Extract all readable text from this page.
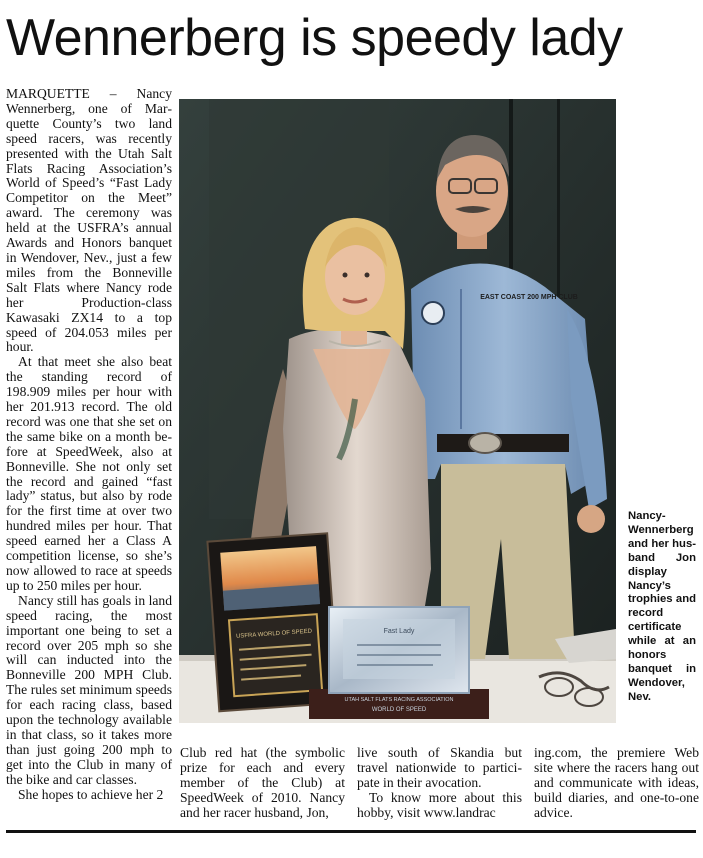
Wennerberg is speedy lady

MARQUETTE – Nancy Wennerberg, one of Marquette County’s two land speed racers, was recently presented with the Utah Salt Flats Racing Association’s World of Speed’s “Fast Lady Competitor on the Meet” award. The ceremony was held at the USFRA’s annual Awards and Honors banquet in Wendover, Nev., just a few miles from the Bonneville Salt Flats where Nancy rode her Production-class Kawasaki ZX14 to a top speed of 204.053 miles per hour.

At that meet she also beat the standing record of 198.909 miles per hour with her 201.913 record. The old record was one that she set on the same bike on a month before at SpeedWeek, also at Bonneville. She not only set the record and gained “fast lady” status, but also by rode for the first time at over two hundred miles per hour. That speed earned her a Class A competition license, so she’s now allowed to race at speeds up to 250 miles per hour.

Nancy still has goals in land speed racing, the most important one being to set a record over 205 mph so she will can inducted into the Bonneville 200 MPH Club. The rules set minimum speeds for each racing class, based upon the technology available in that class, so it takes more than just going 200 mph to get into the Club in many of the bike and car classes.

She hopes to achieve her 2

EAST COAST 200 MPH CLUB
USFRA WORLD OF SPEED	Fast Lady
UTAH SALT FLATS RACING ASSOCIATION
WORLD OF SPEED
Nancy-Wennerberg and her husband Jon display Nancy’s trophies and record certificate while at an honors banquet in Wendover, Nev.

Club red hat (the symbolic prize for each and every member of the Club) at SpeedWeek of 2010. Nancy and her racer husband, Jon,

live south of Skandia but travel nationwide to participate in their avocation.

To know more about this hobby, visit www.landrac

ing.com, the premiere Web site where the racers hang out and communicate with ideas, build diaries, and one-to-one advice.
